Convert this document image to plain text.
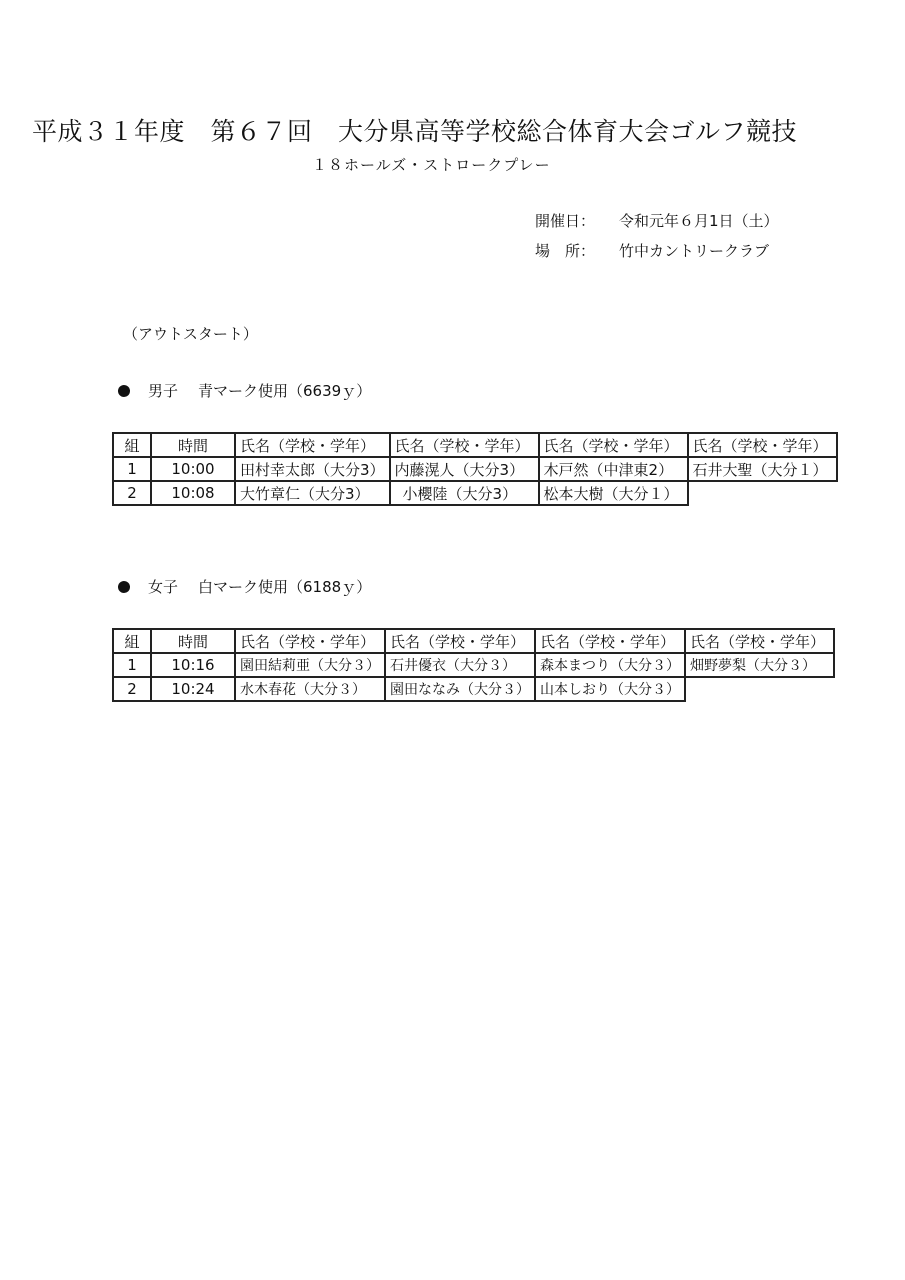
平成３１年度　第６７回　大分県高等学校総合体育大会ゴルフ競技
１８ホールズ・ストロークプレー
開催日： 令和元年６月1日（土）
場　所： 竹中カントリークラブ
（アウトスタート）
男子 青マーク使用（6639ｙ）
組	時間	氏名（学校・学年）	氏名（学校・学年）	氏名（学校・学年）	氏名（学校・学年）
1	10:00	田村幸太郎（大分3）	内藤滉人（大分3）	木戸然（中津東2）	石井大聖（大分１）
2	10:08	大竹章仁（大分3）	小櫻陸（大分3）	松本大樹（大分１）	
女子 白マーク使用（6188ｙ）
組	時間	氏名（学校・学年）	氏名（学校・学年）	氏名（学校・学年）	氏名（学校・学年）
1	10:16	園田結莉亜（大分３）	石井優衣（大分３）	森本まつり（大分３）	畑野夢梨（大分３）
2	10:24	水木春花（大分３）	園田ななみ（大分３）	山本しおり（大分３）	
